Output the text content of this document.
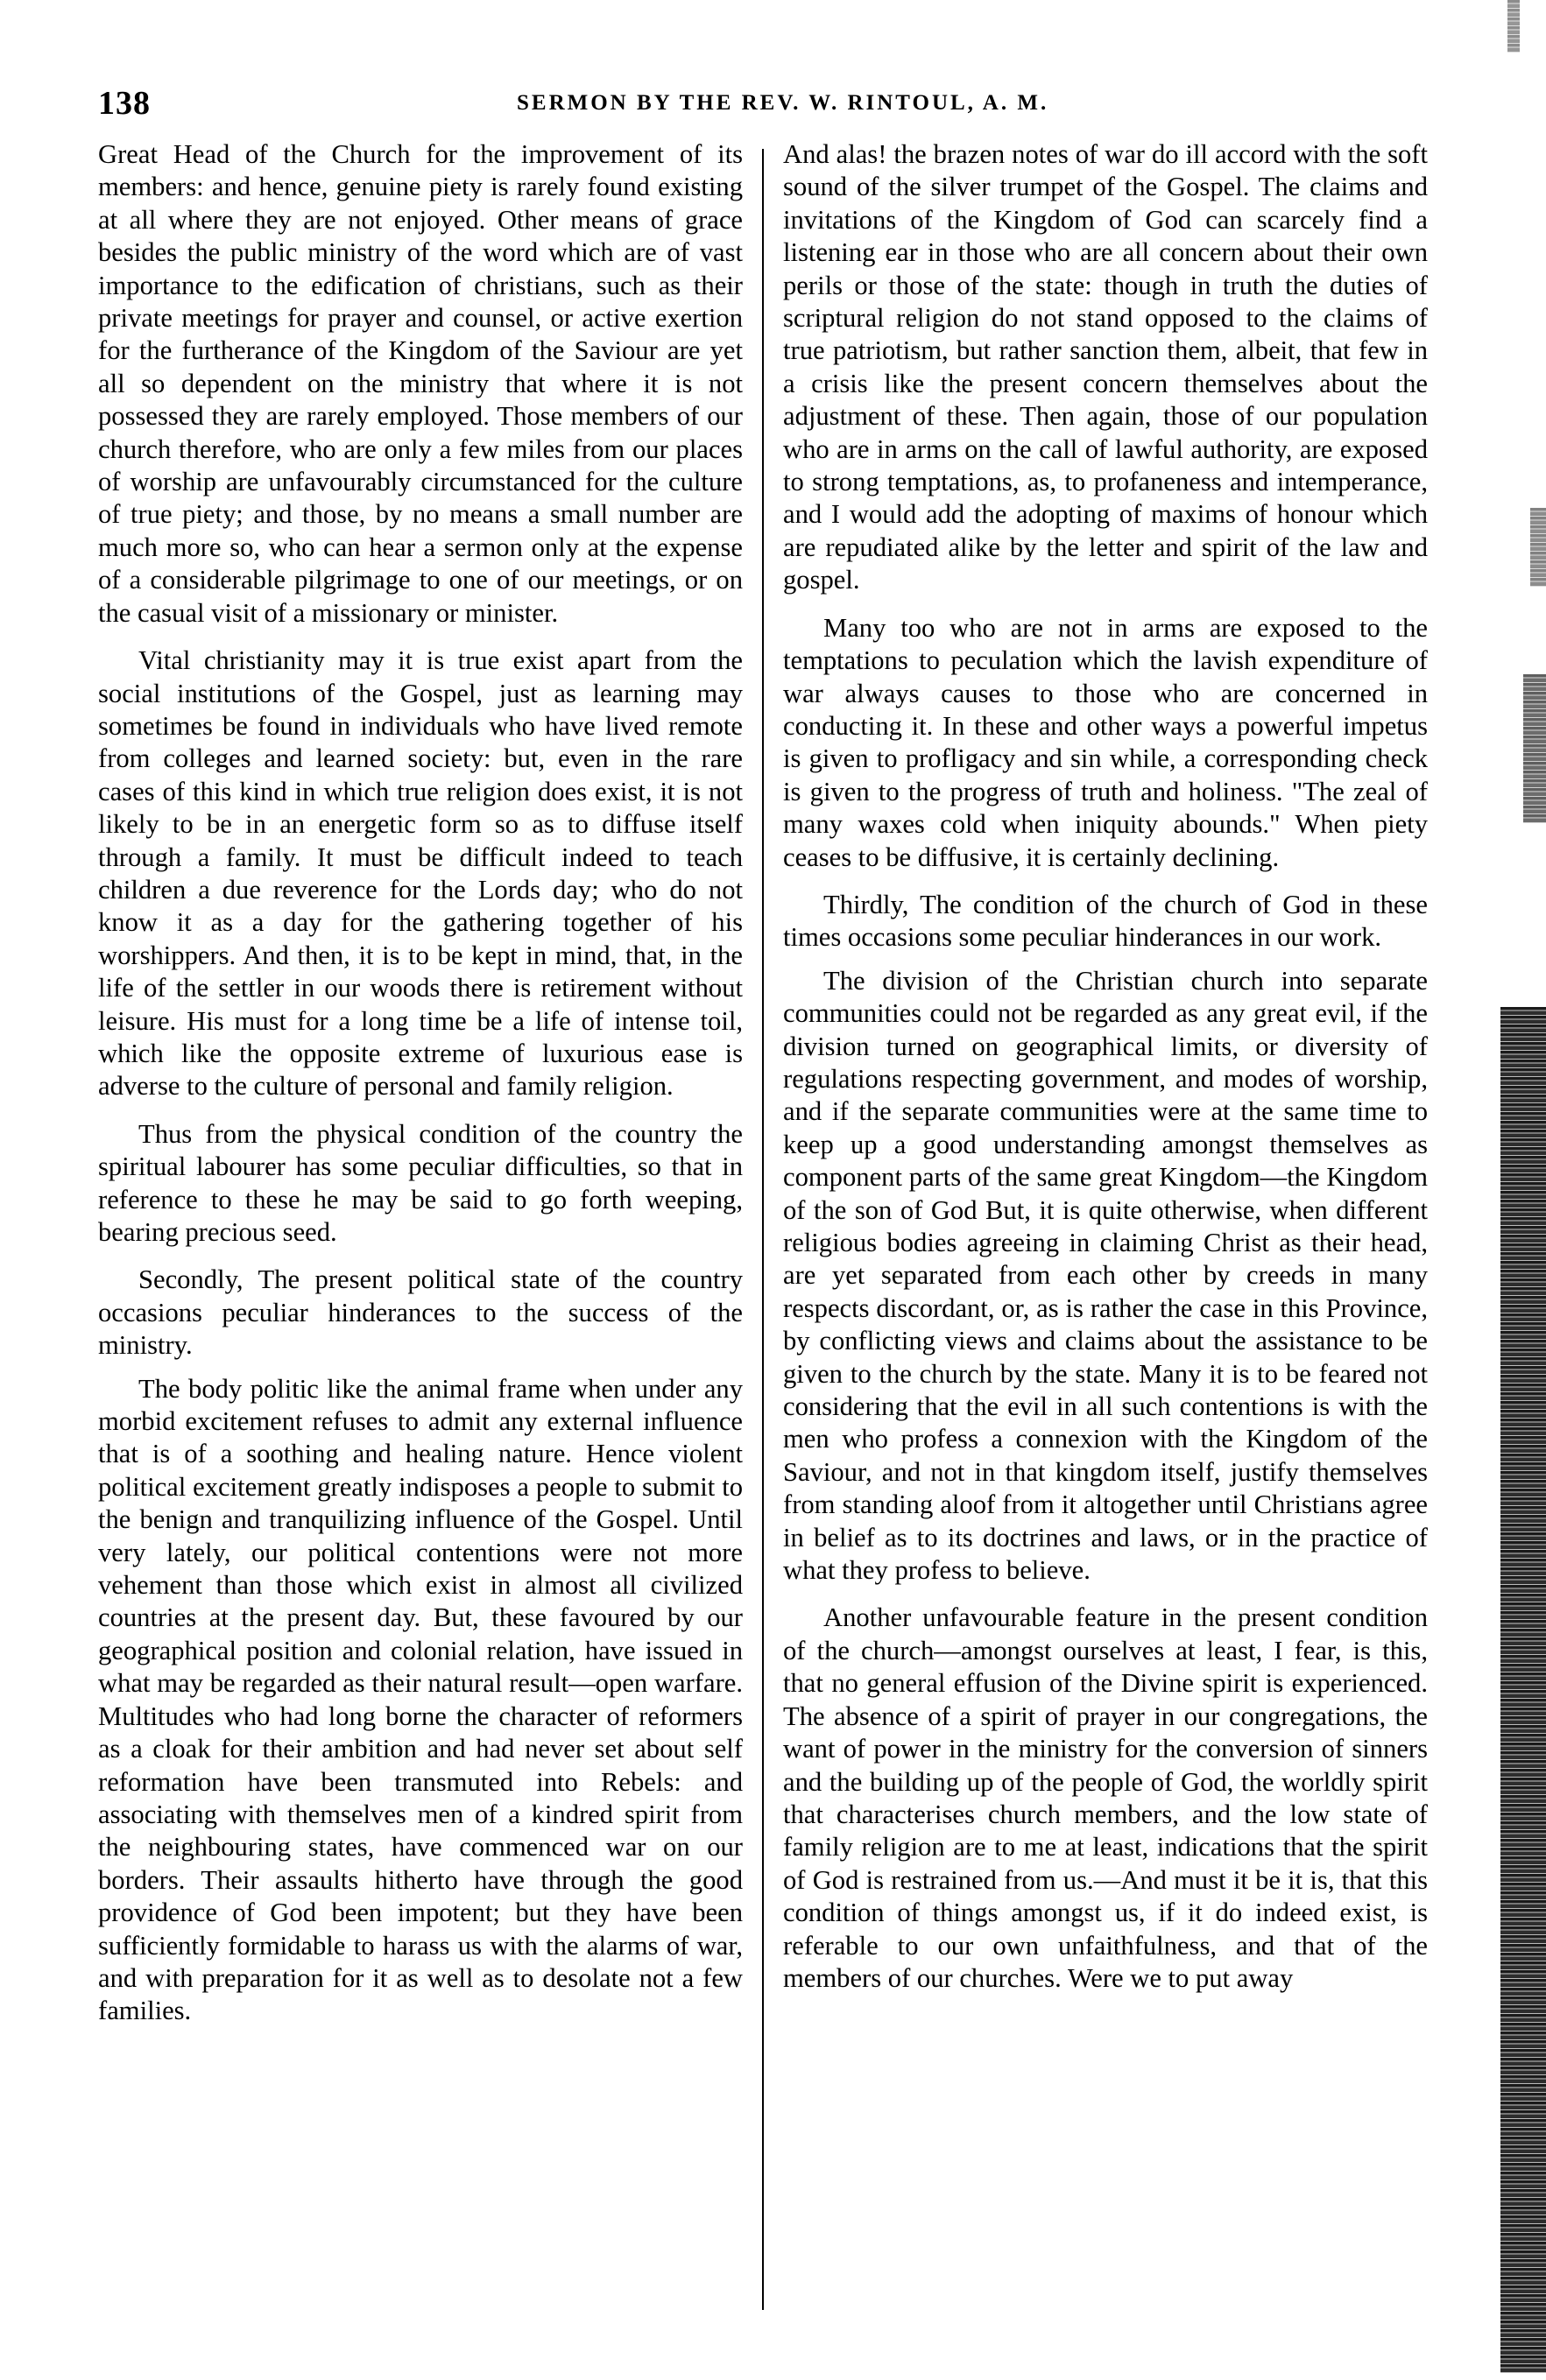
138	SERMON BY THE REV. W. RINTOUL, A. M.

Great Head of the Church for the improvement of its members: and hence, genuine piety is rarely found existing at all where they are not enjoyed. Other means of grace besides the public ministry of the word which are of vast importance to the edification of christians, such as their private meetings for prayer and counsel, or active exertion for the furtherance of the Kingdom of the Saviour are yet all so dependent on the ministry that where it is not possessed they are rarely employed. Those members of our church therefore, who are only a few miles from our places of worship are unfavourably circumstanced for the culture of true piety; and those, by no means a small number are much more so, who can hear a sermon only at the expense of a considerable pilgrimage to one of our meetings, or on the casual visit of a missionary or minister.

Vital christianity may it is true exist apart from the social institutions of the Gospel, just as learning may sometimes be found in individuals who have lived remote from colleges and learned society: but, even in the rare cases of this kind in which true religion does exist, it is not likely to be in an energetic form so as to diffuse itself through a family. It must be difficult indeed to teach children a due reverence for the Lords day; who do not know it as a day for the gathering together of his worshippers. And then, it is to be kept in mind, that, in the life of the settler in our woods there is retirement without leisure. His must for a long time be a life of intense toil, which like the opposite extreme of luxurious ease is adverse to the culture of personal and family religion.

Thus from the physical condition of the country the spiritual labourer has some peculiar difficulties, so that in reference to these he may be said to go forth weeping, bearing precious seed.

Secondly, The present political state of the country occasions peculiar hinderances to the success of the ministry.

The body politic like the animal frame when under any morbid excitement refuses to admit any external influence that is of a soothing and healing nature. Hence violent political excitement greatly indisposes a people to submit to the benign and tranquilizing influence of the Gospel. Until very lately, our political contentions were not more vehement than those which exist in almost all civilized countries at the present day. But, these favoured by our geographical position and colonial relation, have issued in what may be regarded as their natural result—open warfare. Multitudes who had long borne the character of reformers as a cloak for their ambition and had never set about self reformation have been transmuted into Rebels: and associating with themselves men of a kindred spirit from the neighbouring states, have commenced war on our borders. Their assaults hitherto have through the good providence of God been impotent; but they have been sufficiently formidable to harass us with the alarms of war, and with preparation for it as well as to desolate not a few families.

And alas! the brazen notes of war do ill accord with the soft sound of the silver trumpet of the Gospel. The claims and invitations of the Kingdom of God can scarcely find a listening ear in those who are all concern about their own perils or those of the state: though in truth the duties of scriptural religion do not stand opposed to the claims of true patriotism, but rather sanction them, albeit, that few in a crisis like the present concern themselves about the adjustment of these. Then again, those of our population who are in arms on the call of lawful authority, are exposed to strong temptations, as, to profaneness and intemperance, and I would add the adopting of maxims of honour which are repudiated alike by the letter and spirit of the law and gospel.

Many too who are not in arms are exposed to the temptations to peculation which the lavish expenditure of war always causes to those who are concerned in conducting it. In these and other ways a powerful impetus is given to profligacy and sin while, a corresponding check is given to the progress of truth and holiness. "The zeal of many waxes cold when iniquity abounds." When piety ceases to be diffusive, it is certainly declining.

Thirdly, The condition of the church of God in these times occasions some peculiar hinderances in our work.

The division of the Christian church into separate communities could not be regarded as any great evil, if the division turned on geographical limits, or diversity of regulations respecting government, and modes of worship, and if the separate communities were at the same time to keep up a good understanding amongst themselves as component parts of the same great Kingdom—the Kingdom of the son of God But, it is quite otherwise, when different religious bodies agreeing in claiming Christ as their head, are yet separated from each other by creeds in many respects discordant, or, as is rather the case in this Province, by conflicting views and claims about the assistance to be given to the church by the state. Many it is to be feared not considering that the evil in all such contentions is with the men who profess a connexion with the Kingdom of the Saviour, and not in that kingdom itself, justify themselves from standing aloof from it altogether until Christians agree in belief as to its doctrines and laws, or in the practice of what they profess to believe.

Another unfavourable feature in the present condition of the church—amongst ourselves at least, I fear, is this, that no general effusion of the Divine spirit is experienced. The absence of a spirit of prayer in our congregations, the want of power in the ministry for the conversion of sinners and the building up of the people of God, the worldly spirit that characterises church members, and the low state of family religion are to me at least, indications that the spirit of God is restrained from us.—And must it be it is, that this condition of things amongst us, if it do indeed exist, is referable to our own unfaithfulness, and that of the members of our churches. Were we to put away
